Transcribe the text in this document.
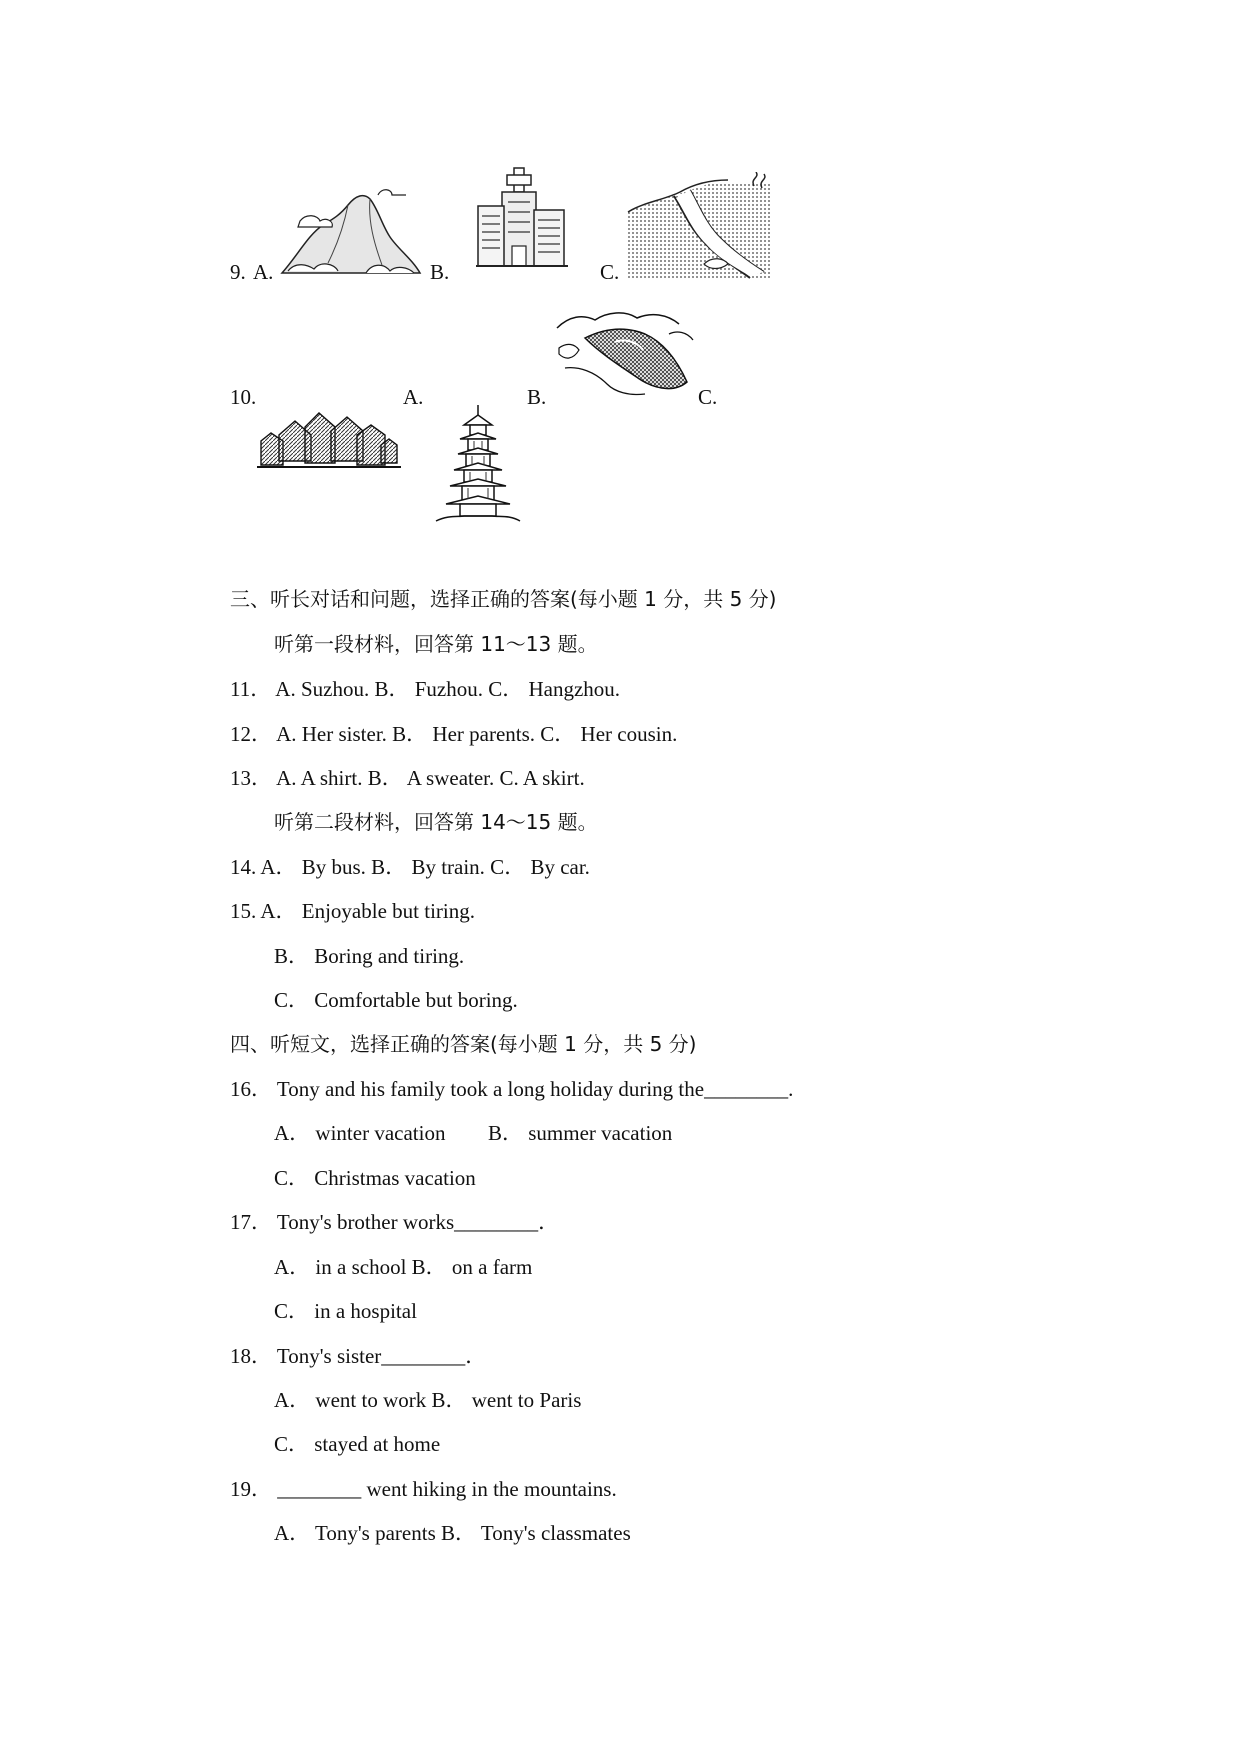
9. A.	B.	C.
10.	A.	B.	C.
三、听长对话和问题，选择正确的答案(每小题 1 分，共 5 分)
听第一段材料，回答第 11～13 题。
11． A. Suzhou. B． Fuzhou. C． Hangzhou.
12． A. Her sister. B． Her parents. C． Her cousin.
13． A. A shirt. B． A sweater. C. A skirt.
听第二段材料，回答第 14～15 题。
14. A． By bus. B． By train. C． By car.
15. A． Enjoyable but tiring.
B． Boring and tiring.
C． Comfortable but boring.
四、听短文，选择正确的答案(每小题 1 分，共 5 分)
16． Tony and his family took a long holiday during the________.
A． winter vacation B． summer vacation
C． Christmas vacation
17． Tony's brother works________．
A． in a school B． on a farm
C． in a hospital
18． Tony's sister________．
A． went to work B． went to Paris
C． stayed at home
19． ________ went hiking in the mountains.
A． Tony's parents B． Tony's classmates
